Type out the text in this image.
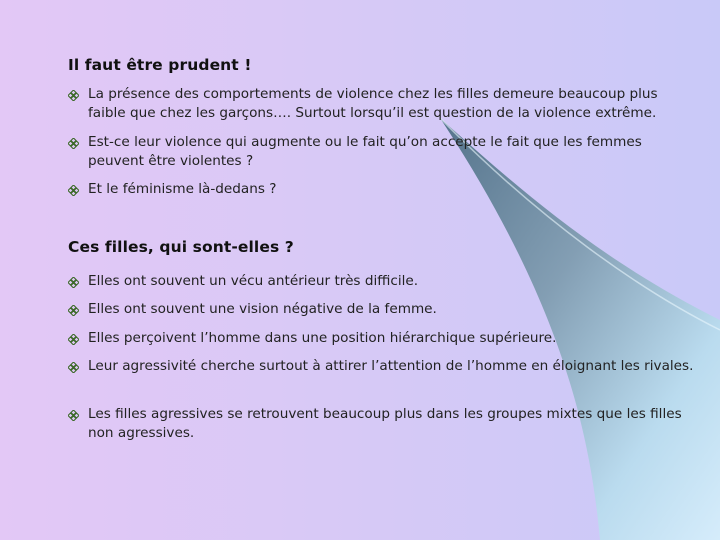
Il faut être prudent !
La présence des comportements de violence chez les filles demeure beaucoup plus faible que chez les garçons…. Surtout lorsqu’il est question de la violence extrême.
Est-ce leur violence qui augmente ou le fait qu’on accepte le fait que les femmes peuvent être violentes ?
Et le féminisme là-dedans ?
Ces filles, qui sont-elles ?
Elles ont souvent un vécu antérieur très difficile.
Elles ont souvent une vision négative de la femme.
Elles perçoivent l’homme dans une position hiérarchique supérieure.
Leur agressivité cherche surtout à attirer l’attention de l’homme en éloignant les rivales.
Les filles agressives se retrouvent beaucoup plus dans les groupes mixtes que les filles non agressives.
